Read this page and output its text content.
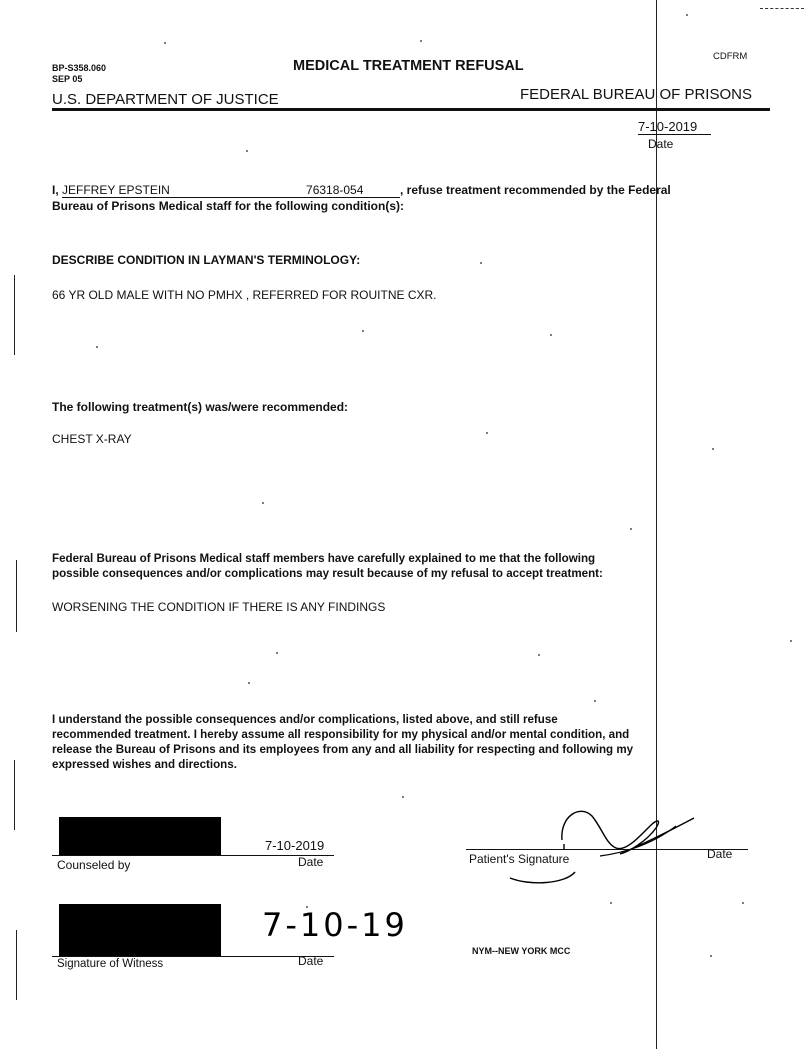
BP-S358.060
SEP 05
MEDICAL TREATMENT REFUSAL
CDFRM
U.S. DEPARTMENT OF JUSTICE	FEDERAL BUREAU OF PRISONS
7-10-2019
Date
I, JEFFREY EPSTEIN	76318-054	, refuse treatment recommended by the Federal
Bureau of Prisons Medical staff for the following condition(s):
DESCRIBE CONDITION IN LAYMAN'S TERMINOLOGY:
66 YR OLD MALE WITH NO PMHX , REFERRED FOR ROUITNE CXR.
The following treatment(s) was/were recommended:
CHEST X-RAY
Federal Bureau of Prisons Medical staff members have carefully explained to me that the following
possible consequences and/or complications may result because of my refusal to accept treatment:
WORSENING THE CONDITION IF THERE IS ANY FINDINGS
I understand the possible consequences and/or complications, listed above, and still refuse
recommended treatment. I hereby assume all responsibility for my physical and/or mental condition, and
release the Bureau of Prisons and its employees from any and all liability for respecting and following my
expressed wishes and directions.
7-10-2019
Counseled by	Date	Patient's Signature	Date
7-10-19
Signature of Witness	Date
NYM--NEW YORK MCC
